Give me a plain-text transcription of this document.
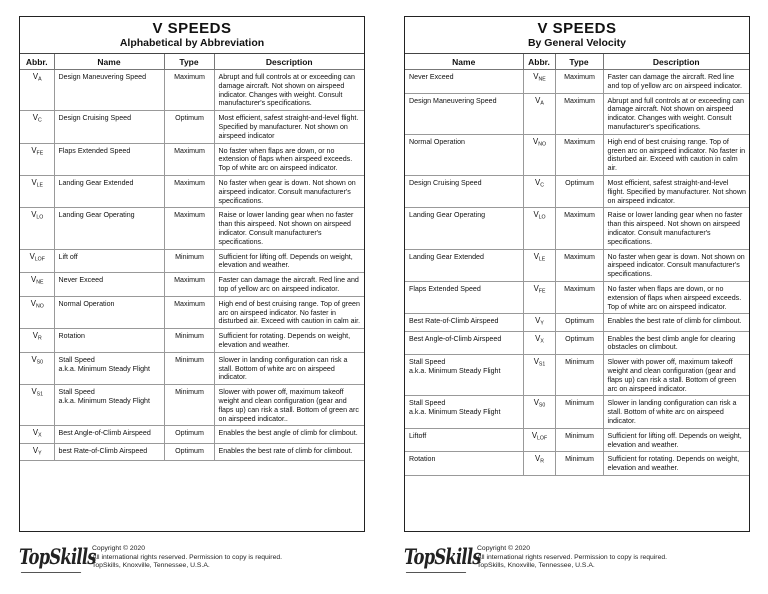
V SPEEDS
Alphabetical by Abbreviation
Abbr.	Name	Type	Description
$V_A$	Design Maneuvering Speed	Maximum	Abrupt and full controls at or exceeding can damage aircraft. Not shown on airspeed indicator. Changes with weight. Consult manufacturer's specifications.
$V_C$	Design Cruising Speed	Optimum	Most efficient, safest straight-and-level flight. Specified by manufacturer. Not shown on airspeed indicator
$V_{FE}$	Flaps Extended Speed	Maximum	No faster when flaps are down, or no extension of flaps when airspeed exceeds. Top of white arc on airspeed indicator.
$V_{LE}$	Landing Gear Extended	Maximum	No faster when gear is down. Not shown on airspeed indicator. Consult manufacturer's specifications.
$V_{LO}$	Landing Gear Operating	Maximum	Raise or lower landing gear when no faster than this airspeed. Not shown on airspeed indicator. Consult manufacturer's specifications.
$V_{LOF}$	Lift off	Minimum	Sufficient for lifting off. Depends on weight, elevation and weather.
$V_{NE}$	Never Exceed	Maximum	Faster can damage the aircraft. Red line and top of yellow arc on airspeed indicator.
$V_{NO}$	Normal Operation	Maximum	High end of best cruising range. Top of green arc on airspeed indicator. No faster in disturbed air. Exceed with caution in calm air.
$V_R$	Rotation	Minimum	Sufficient for rotating. Depends on weight, elevation and weather.
$V_{S0}$	Stall Speed
a.k.a. Minimum Steady Flight	Minimum	Slower in landing configuration can risk a stall. Bottom of white arc on airspeed indicator.
$V_{S1}$	Stall Speed
a.k.a. Minimum Steady Flight	Minimum	Slower with power off, maximum takeoff weight and clean configuration (gear and flaps up) can risk a stall. Bottom of green arc on airspeed indicator..
$V_X$	Best Angle-of-Climb Airspeed	Optimum	Enables the best angle of climb for climbout.
$V_Y$	best Rate-of-Climb Airspeed	Optimum	Enables the best rate of climb for climbout.
TopSkills
Copyright © 2020
All international rights reserved. Permission to copy is required.
TopSkills, Knoxville, Tennessee, U.S.A.
V SPEEDS
By General Velocity
Name	Abbr.	Type	Description

Never Exceed	$V_{NE}$	Maximum	Faster can damage the aircraft. Red line and top of yellow arc on airspeed indicator.

Design Maneuvering Speed	$V_A$	Maximum	Abrupt and full controls at or exceeding can damage aircraft. Not shown on airspeed indicator. Changes with weight. Consult manufacturer's specifications.

Normal Operation	$V_{NO}$	Maximum	High end of best cruising range. Top of green arc on airspeed indicator. No faster in disturbed air. Exceed with caution in calm air.

Design Cruising Speed	$V_C$	Optimum	Most efficient, safest straight-and-level flight. Specified by manufacturer. Not shown on airspeed indicator.

Landing Gear Operating	$V_{LO}$	Maximum	Raise or lower landing gear when no faster than this airspeed. Not shown on airspeed indicator. Consult manufacturer's specifications.

Landing Gear Extended	$V_{LE}$	Maximum	No faster when gear is down. Not shown on airspeed indicator. Consult manufacturer's specifications.

Flaps Extended Speed	$V_{FE}$	Maximum	No faster when flaps are down, or no extension of flaps when airspeed exceeds. Top of white arc on airspeed indicator.

Best Rate-of-Climb Airspeed	$V_Y$	Optimum	Enables the best rate of climb for climbout.

Best Angle-of-Climb Airspeed	$V_X$	Optimum	Enables the best climb angle for clearing obstacles on climbout.

Stall Speed
a.k.a. Minimum Steady Flight	$V_{S1}$	Minimum	Slower with power off, maximum takeoff weight and clean configuration (gear and flaps up) can risk a stall. Bottom of green arc on airspeed indicator.

Stall Speed
a.k.a. Minimum Steady Flight	$V_{S0}$	Minimum	Slower in landing configuration can risk a stall. Bottom of white arc on airspeed indicator.

Liftoff	$V_{LOF}$	Minimum	Sufficient for lifting off. Depends on weight, elevation and weather.

Rotation	$V_R$	Minimum	Sufficient for rotating. Depends on weight, elevation and weather.
TopSkills
Copyright © 2020
All international rights reserved. Permission to copy is required.
TopSkills, Knoxville, Tennessee, U.S.A.
